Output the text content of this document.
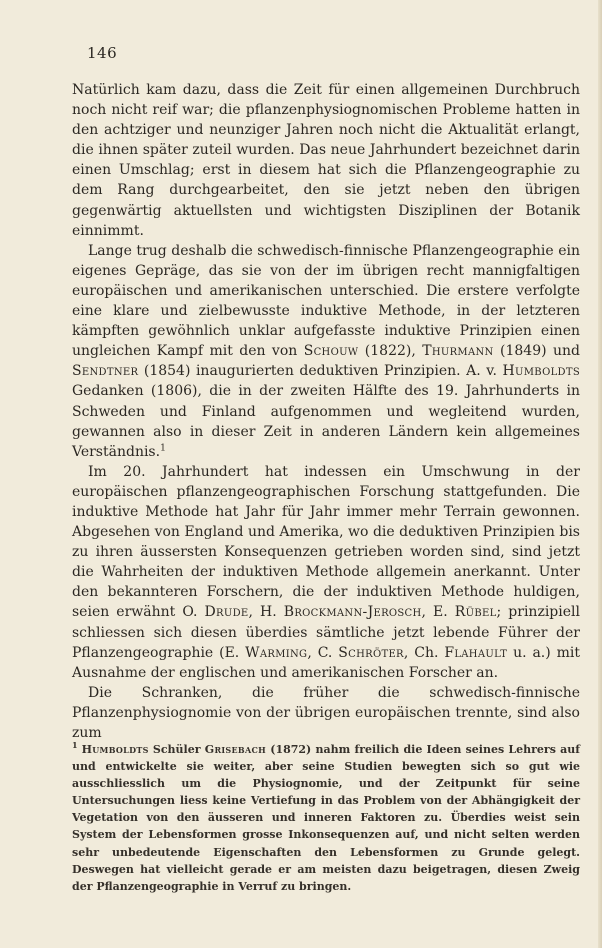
146

Natürlich kam dazu, dass die Zeit für einen allgemeinen Durchbruch noch nicht reif war; die pflanzenphysiognomischen Probleme hatten in den achtziger und neunziger Jahren noch nicht die Aktualität erlangt, die ihnen später zuteil wurden. Das neue Jahrhundert bezeichnet darin einen Umschlag; erst in diesem hat sich die Pflanzengeographie zu dem Rang durchgearbeitet, den sie jetzt neben den übrigen gegenwärtig aktuellsten und wichtigsten Disziplinen der Botanik einnimmt.

Lange trug deshalb die schwedisch-finnische Pflanzengeographie ein eigenes Gepräge, das sie von der im übrigen recht mannigfaltigen europäischen und amerikanischen unterschied. Die erstere verfolgte eine klare und zielbewusste induktive Methode, in der letzteren kämpften gewöhnlich unklar aufgefasste induktive Prinzipien einen ungleichen Kampf mit den von Schouw (1822), Thurmann (1849) und Sendtner (1854) inaugurierten deduktiven Prinzipien. A. v. Humboldts Gedanken (1806), die in der zweiten Hälfte des 19. Jahrhunderts in Schweden und Finland aufgenommen und wegleitend wurden, gewannen also in dieser Zeit in anderen Ländern kein allgemeines Verständnis.$^1$

Im 20. Jahrhundert hat indessen ein Umschwung in der europäischen pflanzengeographischen Forschung stattgefunden. Die induktive Methode hat Jahr für Jahr immer mehr Terrain gewonnen. Abgesehen von England und Amerika, wo die deduktiven Prinzipien bis zu ihren äussersten Konsequenzen getrieben worden sind, sind jetzt die Wahrheiten der induktiven Methode allgemein anerkannt. Unter den bekannteren Forschern, die der induktiven Methode huldigen, seien erwähnt O. Drude, H. Brockmann-Jerosch, E. Rübel; prinzipiell schliessen sich diesen überdies sämtliche jetzt lebende Führer der Pflanzengeographie (E. Warming, C. Schröter, Ch. Flahault u. a.) mit Ausnahme der englischen und amerikanischen Forscher an.

Die Schranken, die früher die schwedisch-finnische Pflanzenphysiognomie von der übrigen europäischen trennte, sind also zum

$^1$ Humboldts Schüler Grisebach (1872) nahm freilich die Ideen seines Lehrers auf und entwickelte sie weiter, aber seine Studien bewegten sich so gut wie ausschliesslich um die Physiognomie, und der Zeitpunkt für seine Untersuchungen liess keine Vertiefung in das Problem von der Abhängigkeit der Vegetation von den äusseren und inneren Faktoren zu. Überdies weist sein System der Lebensformen grosse Inkonsequenzen auf, und nicht selten werden sehr unbedeutende Eigenschaften den Lebensformen zu Grunde gelegt. Deswegen hat vielleicht gerade er am meisten dazu beigetragen, diesen Zweig der Pflanzengeographie in Verruf zu bringen.
